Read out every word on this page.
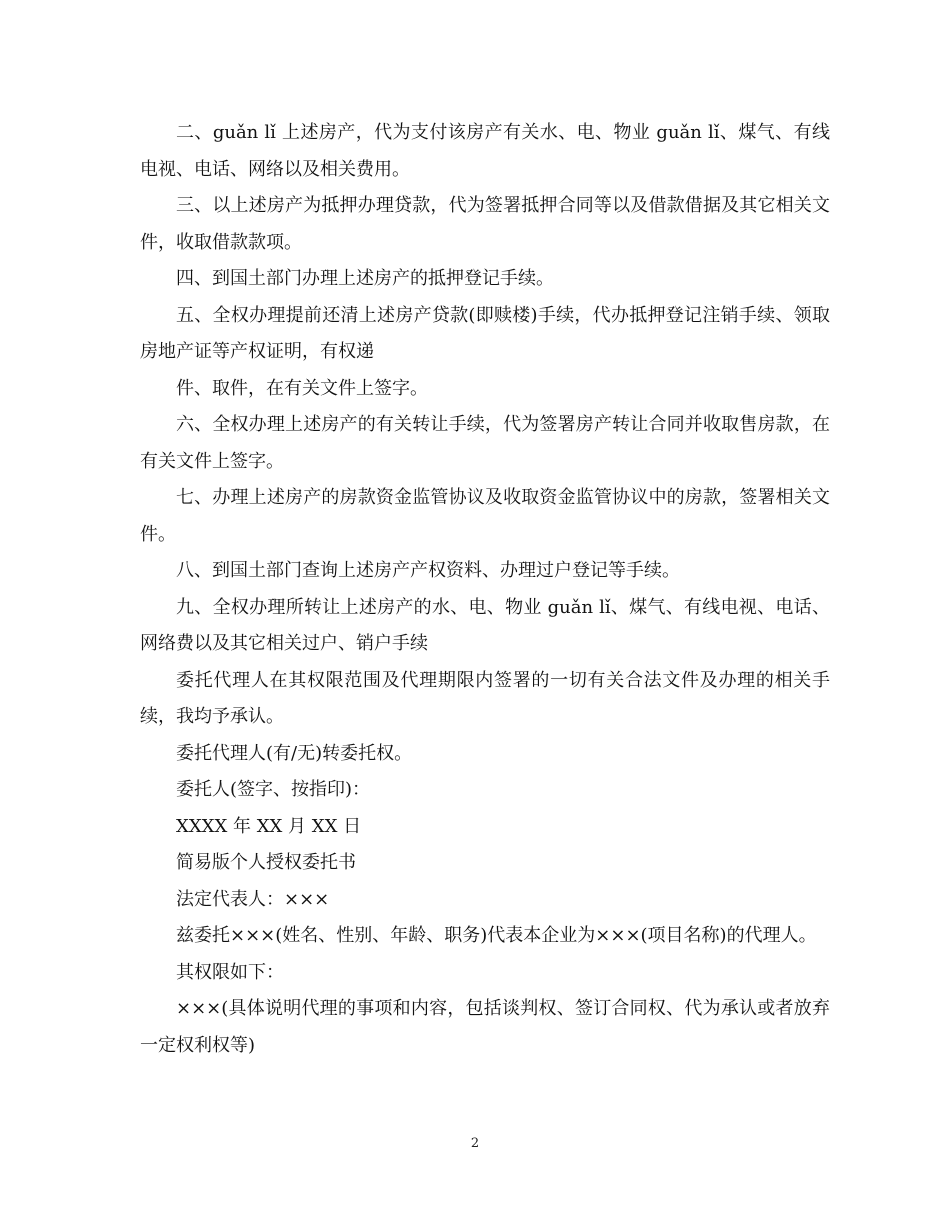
二、guǎn lǐ 上述房产，代为支付该房产有关水、电、物业 guǎn lǐ、煤气、有线电视、电话、网络以及相关费用。

三、以上述房产为抵押办理贷款，代为签署抵押合同等以及借款借据及其它相关文件，收取借款款项。

四、到国土部门办理上述房产的抵押登记手续。

五、全权办理提前还清上述房产贷款(即赎楼)手续，代办抵押登记注销手续、领取房地产证等产权证明，有权递

件、取件，在有关文件上签字。

六、全权办理上述房产的有关转让手续，代为签署房产转让合同并收取售房款，在有关文件上签字。

七、办理上述房产的房款资金监管协议及收取资金监管协议中的房款，签署相关文件。

八、到国土部门查询上述房产产权资料、办理过户登记等手续。

九、全权办理所转让上述房产的水、电、物业 guǎn lǐ、煤气、有线电视、电话、网络费以及其它相关过户、销户手续

委托代理人在其权限范围及代理期限内签署的一切有关合法文件及办理的相关手续，我均予承认。

委托代理人(有/无)转委托权。

委托人(签字、按指印)：

XXXX 年 XX 月 XX 日

简易版个人授权委托书

法定代表人：×××

兹委托×××(姓名、性别、年龄、职务)代表本企业为×××(项目名称)的代理人。

其权限如下：

×××(具体说明代理的事项和内容，包括谈判权、签订合同权、代为承认或者放弃一定权利权等)

2
